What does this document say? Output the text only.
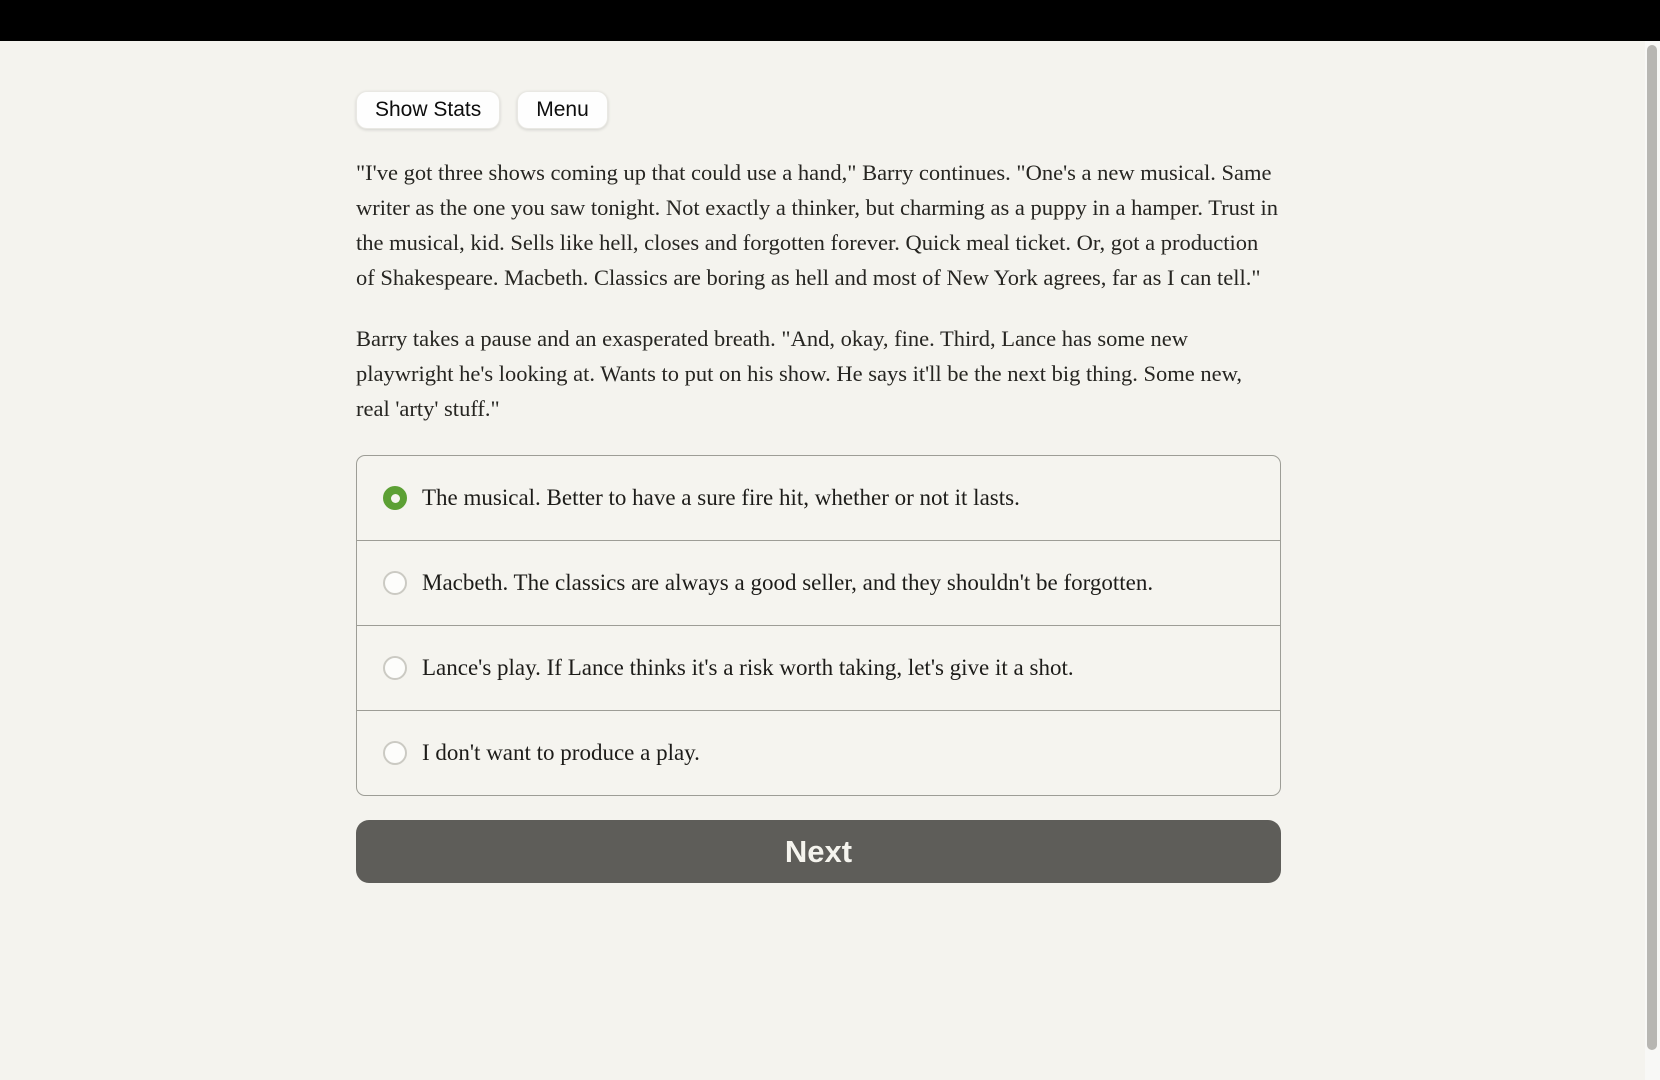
Show Stats	Menu

"I've got three shows coming up that could use a hand," Barry continues. "One's a new musical. Same writer as the one you saw tonight. Not exactly a thinker, but charming as a puppy in a hamper. Trust in the musical, kid. Sells like hell, closes and forgotten forever. Quick meal ticket. Or, got a production of Shakespeare. Macbeth. Classics are boring as hell and most of New York agrees, far as I can tell."

Barry takes a pause and an exasperated breath. "And, okay, fine. Third, Lance has some new playwright he's looking at. Wants to put on his show. He says it'll be the next big thing. Some new, real 'arty' stuff."

The musical. Better to have a sure fire hit, whether or not it lasts.
Macbeth. The classics are always a good seller, and they shouldn't be forgotten.
Lance's play. If Lance thinks it's a risk worth taking, let's give it a shot.
I don't want to produce a play.
Next
